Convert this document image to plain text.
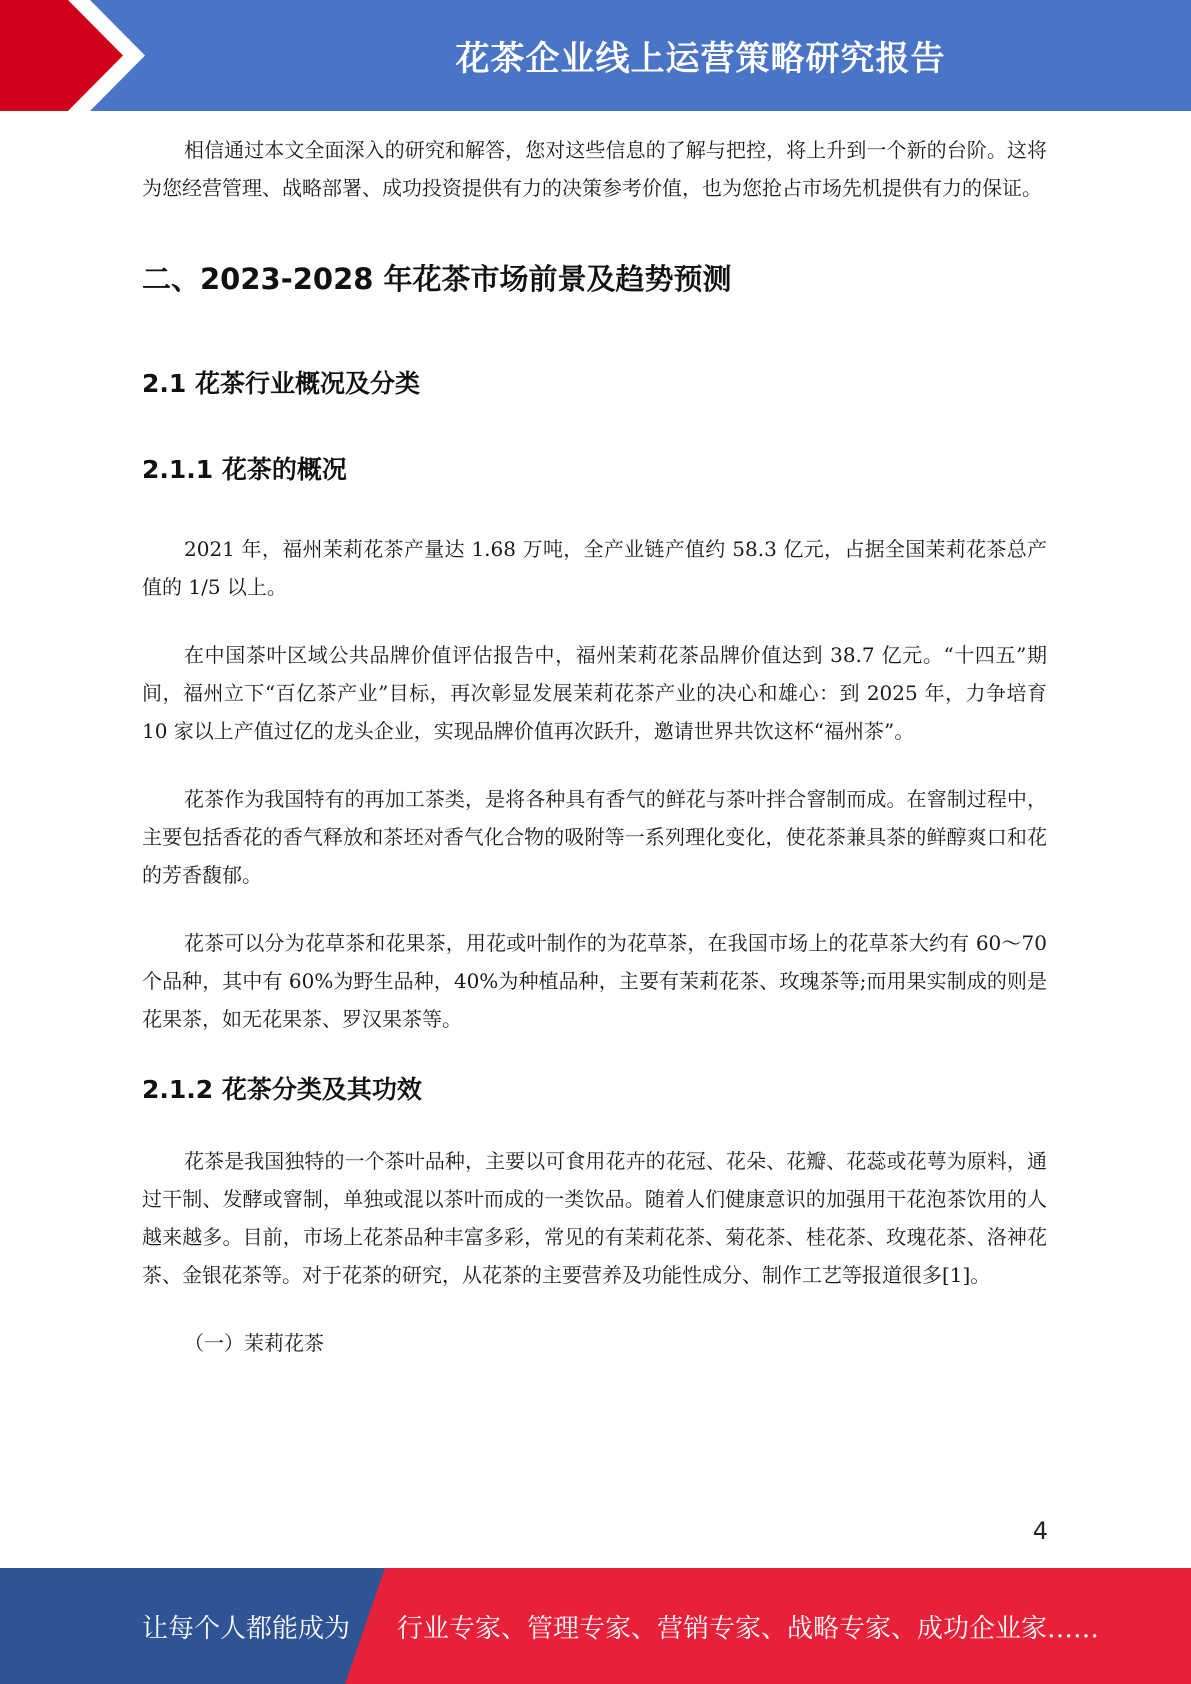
花茶企业线上运营策略研究报告

相信通过本文全面深入的研究和解答，您对这些信息的了解与把控，将上升到一个新的台阶。这将为您经营管理、战略部署、成功投资提供有力的决策参考价值，也为您抢占市场先机提供有力的保证。

二、2023-2028 年花茶市场前景及趋势预测
2.1 花茶行业概况及分类
2.1.1 花茶的概况

2021 年，福州茉莉花茶产量达 1.68 万吨，全产业链产值约 58.3 亿元，占据全国茉莉花茶总产值的 1/5 以上。

在中国茶叶区域公共品牌价值评估报告中，福州茉莉花茶品牌价值达到 38.7 亿元。“十四五”期间，福州立下“百亿茶产业”目标，再次彰显发展茉莉花茶产业的决心和雄心：到 2025 年，力争培育 10 家以上产值过亿的龙头企业，实现品牌价值再次跃升，邀请世界共饮这杯“福州茶”。

花茶作为我国特有的再加工茶类，是将各种具有香气的鲜花与茶叶拌合窨制而成。在窨制过程中，主要包括香花的香气释放和茶坯对香气化合物的吸附等一系列理化变化，使花茶兼具茶的鲜醇爽口和花的芳香馥郁。

花茶可以分为花草茶和花果茶，用花或叶制作的为花草茶，在我国市场上的花草茶大约有 60～70 个品种，其中有 60%为野生品种，40%为种植品种，主要有茉莉花茶、玫瑰茶等;而用果实制成的则是花果茶，如无花果茶、罗汉果茶等。

2.1.2 花茶分类及其功效

花茶是我国独特的一个茶叶品种，主要以可食用花卉的花冠、花朵、花瓣、花蕊或花萼为原料，通过干制、发酵或窨制，单独或混以茶叶而成的一类饮品。随着人们健康意识的加强用干花泡茶饮用的人越来越多。目前，市场上花茶品种丰富多彩，常见的有茉莉花茶、菊花茶、桂花茶、玫瑰花茶、洛神花茶、金银花茶等。对于花茶的研究，从花茶的主要营养及功能性成分、制作工艺等报道很多[1]。

（一）茉莉花茶

4
让每个人都能成为 行业专家、管理专家、营销专家、战略专家、成功企业家……
